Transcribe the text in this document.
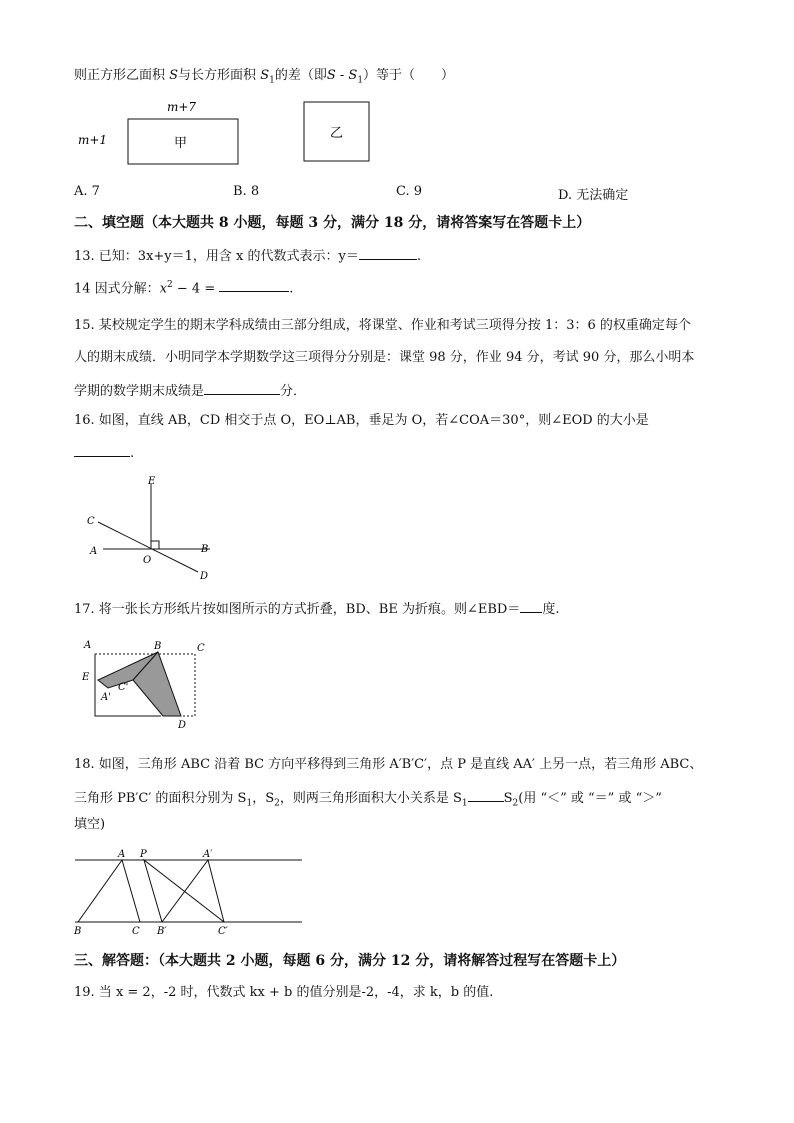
则正方形乙面积 S与长方形面积 $S_1$的差（即S - $S_1$）等于（　　）
m+7
m+1	甲
乙
A. 7	B. 8	C. 9	D. 无法确定
二、填空题（本大题共 8 小题，每题 3 分，满分 18 分，请将答案写在答题卡上）
13. 已知：3x+y＝1，用含 x 的代数式表示：y＝	.
14 因式分解：$x^2 - 4$ =	.
15. 某校规定学生的期末学科成绩由三部分组成，将课堂、作业和考试三项得分按 1：3：6 的权重确定每个
人的期末成绩．小明同学本学期数学这三项得分分别是：课堂 98 分，作业 94 分，考试 90 分，那么小明本
学期的数学期末成绩是	分．
16. 如图，直线 AB，CD 相交于点 O，EO⊥AB，垂足为 O，若∠COA＝30°，则∠EOD 的大小是
.
E
C
A
O
B
D
17. 将一张长方形纸片按如图所示的方式折叠，BD、BE 为折痕。则∠EBD＝ 度.
A	B	C
E
C'
A'
D
18. 如图，三角形 ABC 沿着 BC 方向平移得到三角形 A′B′C′，点 P 是直线 AA′ 上另一点，若三角形 ABC、
三角形 PB′C′ 的面积分别为 $S_1$，$S_2$，则两三角形面积大小关系是 $S_1$	$S_2$(用 “＜” 或 “＝” 或 “＞”
填空)
A P	A′
B	C B′	C′
三、解答题：（本大题共 2 小题，每题 6 分，满分 12 分，请将解答过程写在答题卡上）
19. 当 x = 2，-2 时，代数式 kx + b 的值分别是-2，-4，求 k，b 的值.
